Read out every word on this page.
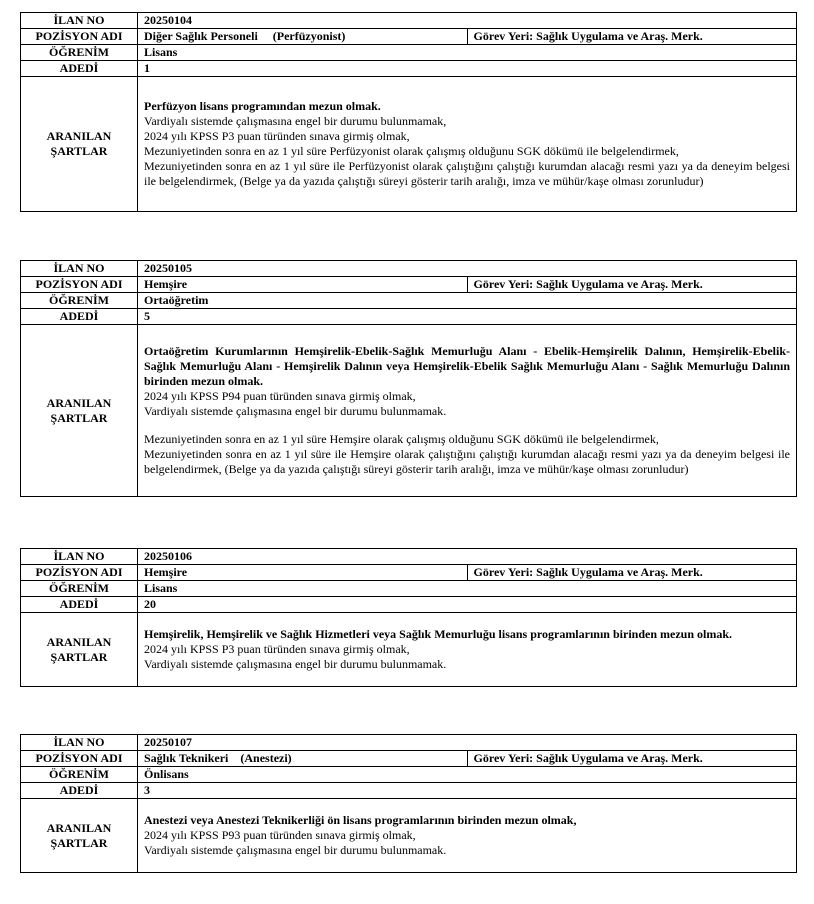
İLAN NO	20250104	
POZİSYON ADI	Diğer Sağlık Personeli     (Perfüzyonist)	Görev Yeri: Sağlık Uygulama ve Araş. Merk.
ÖĞRENİM	Lisans	
ADEDİ	1	

ARANILAN
ŞARTLAR	Perfüzyon lisans programından mezun olmak.
Vardiyalı sistemde çalışmasına engel bir durumu bulunmamak,
2024 yılı KPSS P3 puan türünden sınava girmiş olmak,
Mezuniyetinden sonra en az 1 yıl süre Perfüzyonist olarak çalışmış olduğunu SGK dökümü ile belgelendirmek,
Mezuniyetinden sonra en az 1 yıl süre ile Perfüzyonist olarak çalıştığını çalıştığı kurumdan alacağı resmi yazı ya da deneyim belgesi ile belgelendirmek, (Belge ya da yazıda çalıştığı süreyi gösterir tarih aralığı, imza ve mühür/kaşe olması zorunludur)	
İLAN NO	20250105	
POZİSYON ADI	Hemşire	Görev Yeri: Sağlık Uygulama ve Araş. Merk.
ÖĞRENİM	Ortaöğretim	
ADEDİ	5	

ARANILAN
ŞARTLAR	Ortaöğretim Kurumlarının Hemşirelik-Ebelik-Sağlık Memurluğu Alanı - Ebelik-Hemşirelik Dalının, Hemşirelik-Ebelik-Sağlık Memurluğu Alanı - Hemşirelik Dalının veya Hemşirelik-Ebelik Sağlık Memurluğu Alanı - Sağlık Memurluğu Dalının birinden mezun olmak.
2024 yılı KPSS P94 puan türünden sınava girmiş olmak,
Vardiyalı sistemde çalışmasına engel bir durumu bulunmamak.
Mezuniyetinden sonra en az 1 yıl süre Hemşire olarak çalışmış olduğunu SGK dökümü ile belgelendirmek,
Mezuniyetinden sonra en az 1 yıl süre ile Hemşire olarak çalıştığını çalıştığı kurumdan alacağı resmi yazı ya da deneyim belgesi ile belgelendirmek, (Belge ya da yazıda çalıştığı süreyi gösterir tarih aralığı, imza ve mühür/kaşe olması zorunludur)	
İLAN NO	20250106	
POZİSYON ADI	Hemşire	Görev Yeri: Sağlık Uygulama ve Araş. Merk.
ÖĞRENİM	Lisans	
ADEDİ	20	

ARANILAN
ŞARTLAR	Hemşirelik, Hemşirelik ve Sağlık Hizmetleri veya Sağlık Memurluğu lisans programlarının birinden mezun olmak.
2024 yılı KPSS P3 puan türünden sınava girmiş olmak,
Vardiyalı sistemde çalışmasına engel bir durumu bulunmamak.	
İLAN NO	20250107	
POZİSYON ADI	Sağlık Teknikeri    (Anestezi)	Görev Yeri: Sağlık Uygulama ve Araş. Merk.
ÖĞRENİM	Önlisans	
ADEDİ	3	

ARANILAN
ŞARTLAR	Anestezi veya Anestezi Teknikerliği ön lisans programlarının birinden mezun olmak,
2024 yılı KPSS P93 puan türünden sınava girmiş olmak,
Vardiyalı sistemde çalışmasına engel bir durumu bulunmamak.	
